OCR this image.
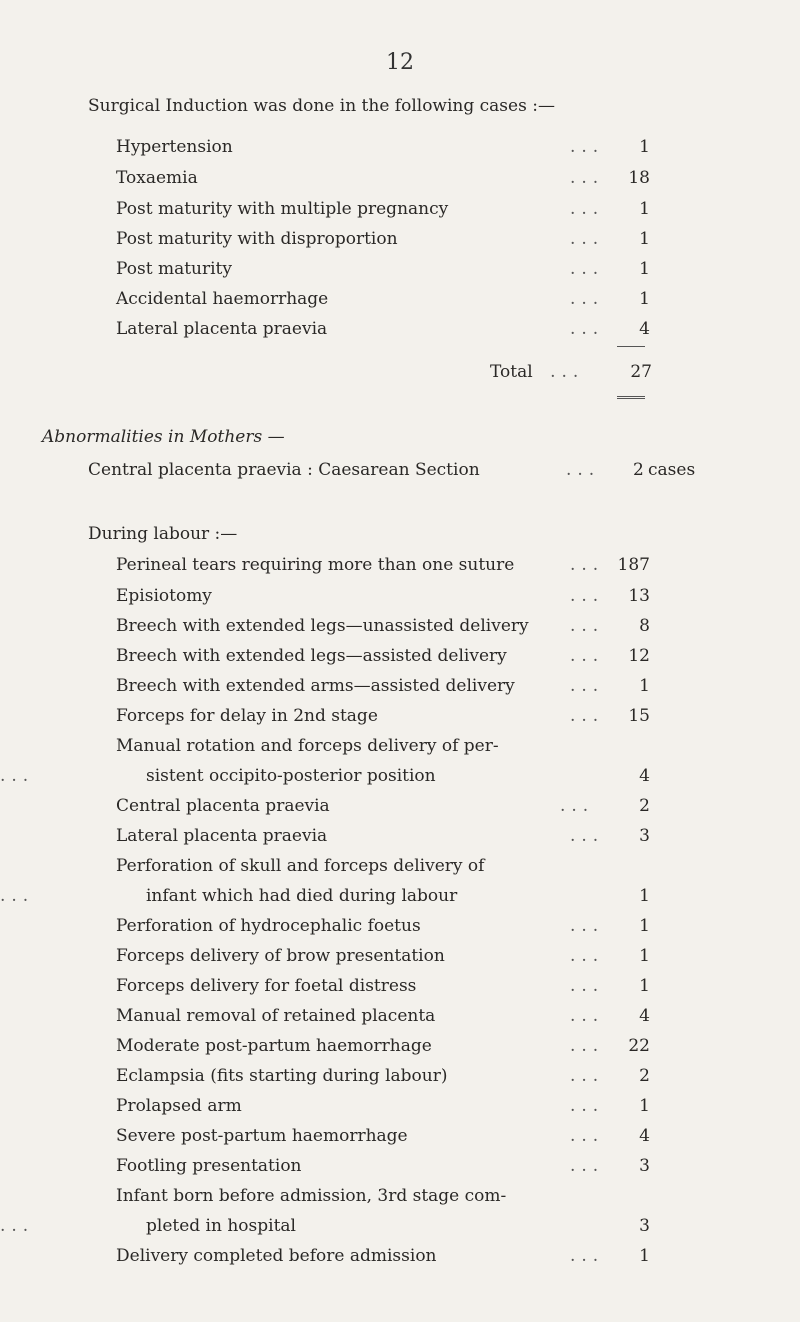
12
Surgical Induction was done in the following cases :—
Hypertension	...	1
Toxaemia	...	18
Post maturity with multiple pregnancy	...	1
Post maturity with disproportion	...	1
Post maturity	...	1
Accidental haemorrhage	...	1
Lateral placenta praevia	...	4
Total ...	27
Abnormalities in Mothers —
Central placenta praevia : Caesarean Section	... 2 cases
During labour :—
Perineal tears requiring more than one suture	... 187
Episiotomy	...	13
Breech with extended legs—unassisted delivery ...	8
Breech with extended legs—assisted delivery	...	12
Breech with extended arms—assisted delivery	...	1
Forceps for delay in 2nd stage	...	15
Manual rotation and forceps delivery of per-
sistent occipito-posterior position
...	4
Central placenta praevia	...	2
Lateral placenta praevia	...	3
Perforation of skull and forceps delivery of
infant which had died during labour
...	1
Perforation of hydrocephalic foetus	...	1
Forceps delivery of brow presentation	...	1
Forceps delivery for foetal distress	...	1
Manual removal of retained placenta	...	4
Moderate post-partum haemorrhage	...	22
Eclampsia (fits starting during labour)	...	2
Prolapsed arm	...	1
Severe post-partum haemorrhage	...	4
Footling presentation	...	3
Infant born before admission, 3rd stage com-
pleted in hospital
...	3
Delivery completed before admission	...	1
